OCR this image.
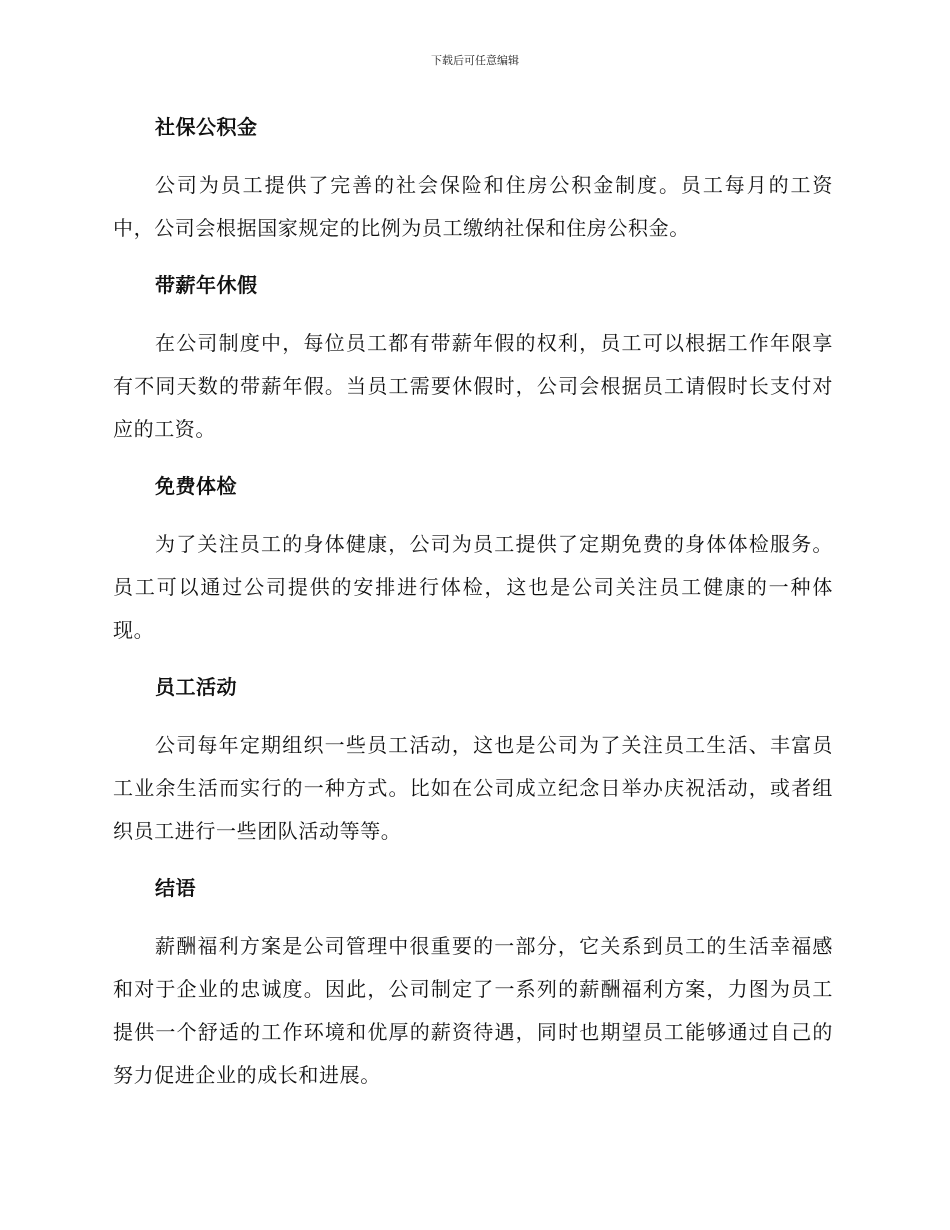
下载后可任意编辑
社保公积金

公司为员工提供了完善的社会保险和住房公积金制度。员工每月的工资中，公司会根据国家规定的比例为员工缴纳社保和住房公积金。

带薪年休假

在公司制度中，每位员工都有带薪年假的权利，员工可以根据工作年限享有不同天数的带薪年假。当员工需要休假时，公司会根据员工请假时长支付对应的工资。

免费体检

为了关注员工的身体健康，公司为员工提供了定期免费的身体体检服务。员工可以通过公司提供的安排进行体检，这也是公司关注员工健康的一种体现。

员工活动

公司每年定期组织一些员工活动，这也是公司为了关注员工生活、丰富员工业余生活而实行的一种方式。比如在公司成立纪念日举办庆祝活动，或者组织员工进行一些团队活动等等。

结语

薪酬福利方案是公司管理中很重要的一部分，它关系到员工的生活幸福感和对于企业的忠诚度。因此，公司制定了一系列的薪酬福利方案，力图为员工提供一个舒适的工作环境和优厚的薪资待遇，同时也期望员工能够通过自己的努力促进企业的成长和进展。
